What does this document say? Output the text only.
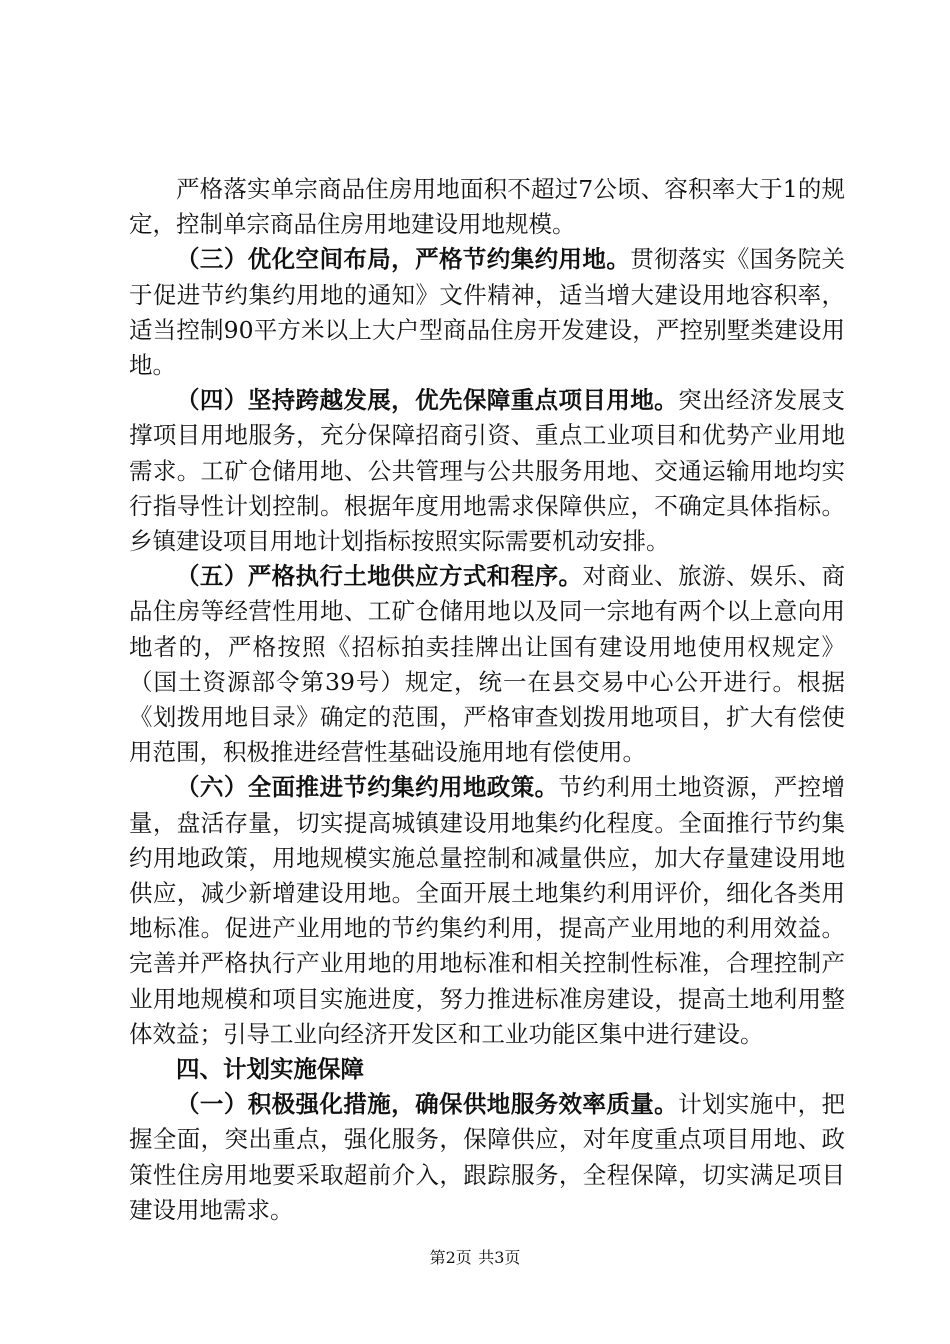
严格落实单宗商品住房用地面积不超过7公顷、容积率大于1的规定，控制单宗商品住房用地建设用地规模。

（三）优化空间布局，严格节约集约用地。贯彻落实《国务院关于促进节约集约用地的通知》文件精神，适当增大建设用地容积率，适当控制90平方米以上大户型商品住房开发建设，严控别墅类建设用地。

（四）坚持跨越发展，优先保障重点项目用地。突出经济发展支撑项目用地服务，充分保障招商引资、重点工业项目和优势产业用地需求。工矿仓储用地、公共管理与公共服务用地、交通运输用地均实行指导性计划控制。根据年度用地需求保障供应，不确定具体指标。乡镇建设项目用地计划指标按照实际需要机动安排。

（五）严格执行土地供应方式和程序。对商业、旅游、娱乐、商品住房等经营性用地、工矿仓储用地以及同一宗地有两个以上意向用地者的，严格按照《招标拍卖挂牌出让国有建设用地使用权规定》（国土资源部令第39号）规定，统一在县交易中心公开进行。根据《划拨用地目录》确定的范围，严格审查划拨用地项目，扩大有偿使用范围，积极推进经营性基础设施用地有偿使用。

（六）全面推进节约集约用地政策。节约利用土地资源，严控增量，盘活存量，切实提高城镇建设用地集约化程度。全面推行节约集约用地政策，用地规模实施总量控制和减量供应，加大存量建设用地供应，减少新增建设用地。全面开展土地集约利用评价，细化各类用地标准。促进产业用地的节约集约利用，提高产业用地的利用效益。完善并严格执行产业用地的用地标准和相关控制性标准，合理控制产业用地规模和项目实施进度，努力推进标准房建设，提高土地利用整体效益；引导工业向经济开发区和工业功能区集中进行建设。

四、计划实施保障

（一）积极强化措施，确保供地服务效率质量。计划实施中，把握全面，突出重点，强化服务，保障供应，对年度重点项目用地、政策性住房用地要采取超前介入，跟踪服务，全程保障，切实满足项目建设用地需求。

第2页 共3页
